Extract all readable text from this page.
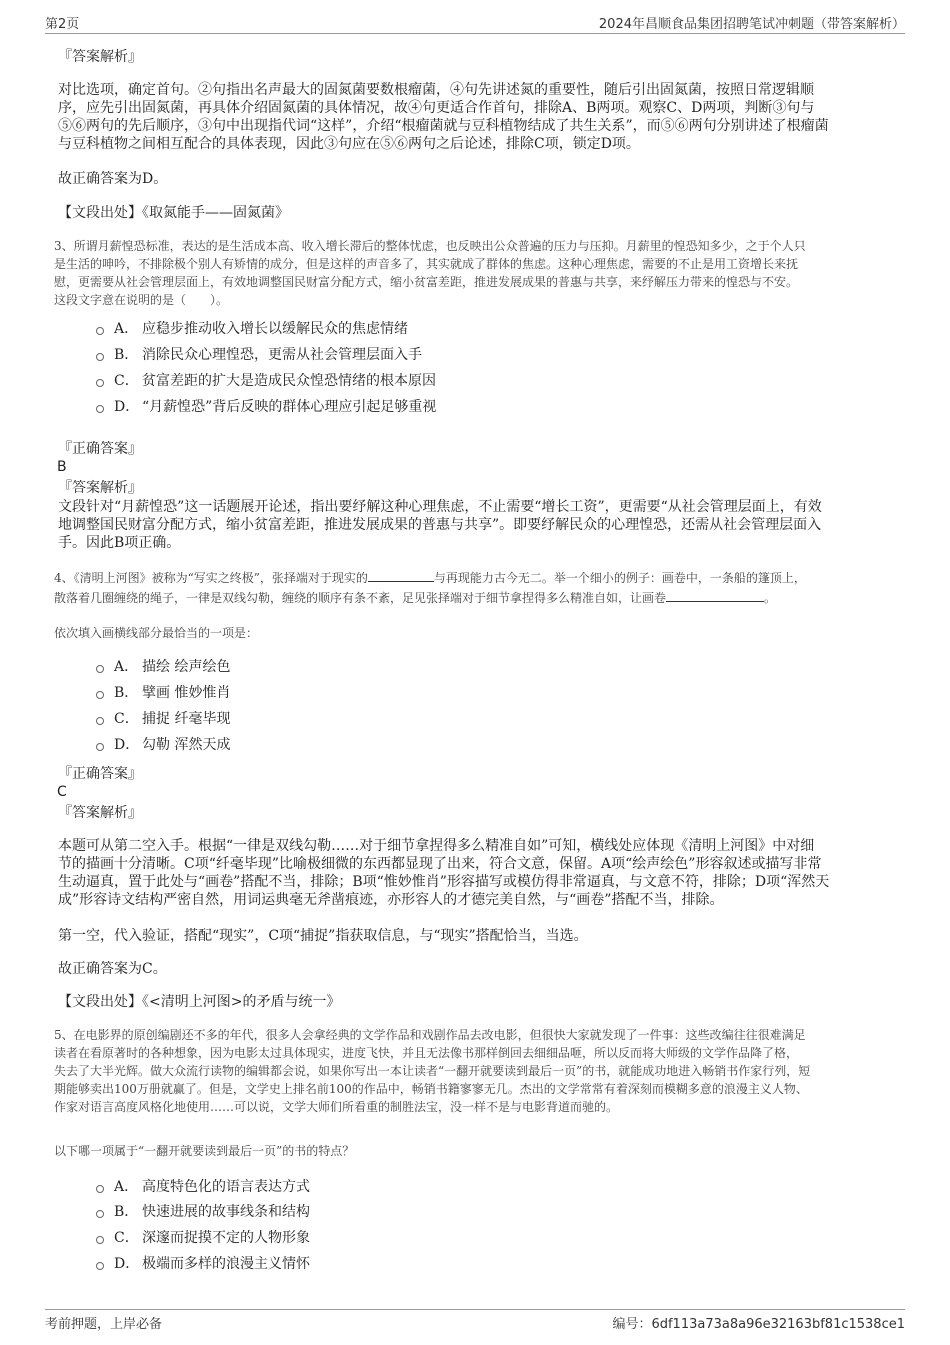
第2页	2024年昌顺食品集团招聘笔试冲刺题（带答案解析）
『答案解析』
对比选项，确定首句。②句指出名声最大的固氮菌要数根瘤菌，④句先讲述氮的重要性，随后引出固氮菌，按照日常逻辑顺
序，应先引出固氮菌，再具体介绍固氮菌的具体情况，故④句更适合作首句，排除A、B两项。观察C、D两项，判断③句与
⑤⑥两句的先后顺序，③句中出现指代词“这样”，介绍“根瘤菌就与豆科植物结成了共生关系”，而⑤⑥两句分别讲述了根瘤菌
与豆科植物之间相互配合的具体表现，因此③句应在⑤⑥两句之后论述，排除C项，锁定D项。
故正确答案为D。
【文段出处】《取氮能手——固氮菌》
3、所谓月薪惶恐标准，表达的是生活成本高、收入增长滞后的整体忧虑，也反映出公众普遍的压力与压抑。月薪里的惶恐知多少，之于个人只
是生活的呻吟，不排除极个别人有矫情的成分，但是这样的声音多了，其实就成了群体的焦虑。这种心理焦虑，需要的不止是用工资增长来抚
慰，更需要从社会管理层面上，有效地调整国民财富分配方式，缩小贫富差距，推进发展成果的普惠与共享，来纾解压力带来的惶恐与不安。
这段文字意在说明的是（　　）。
A． 应稳步推动收入增长以缓解民众的焦虑情绪
B． 消除民众心理惶恐，更需从社会管理层面入手
C． 贫富差距的扩大是造成民众惶恐情绪的根本原因
D． “月薪惶恐”背后反映的群体心理应引起足够重视
『正确答案』
B
『答案解析』
文段针对“月薪惶恐”这一话题展开论述，指出要纾解这种心理焦虑，不止需要“增长工资”，更需要“从社会管理层面上，有效
地调整国民财富分配方式，缩小贫富差距，推进发展成果的普惠与共享”。即要纾解民众的心理惶恐，还需从社会管理层面入
手。因此B项正确。
4、《清明上河图》被称为“写实之终极”，张择端对于现实的	与再现能力古今无二。举一个细小的例子：画卷中，一条船的篷顶上，
散落着几圈缠绕的绳子，一律是双线勾勒，缠绕的顺序有条不紊，足见张择端对于细节拿捏得多么精准自如，让画卷	。
依次填入画横线部分最恰当的一项是：
A． 描绘 绘声绘色
B． 擘画 惟妙惟肖
C． 捕捉 纤毫毕现
D． 勾勒 浑然天成
『正确答案』
C
『答案解析』
本题可从第二空入手。根据“一律是双线勾勒……对于细节拿捏得多么精准自如”可知，横线处应体现《清明上河图》中对细
节的描画十分清晰。C项“纤毫毕现”比喻极细微的东西都显现了出来，符合文意，保留。A项“绘声绘色”形容叙述或描写非常
生动逼真，置于此处与“画卷”搭配不当，排除；B项“惟妙惟肖”形容描写或模仿得非常逼真，与文意不符，排除；D项“浑然天
成”形容诗文结构严密自然，用词运典毫无斧凿痕迹，亦形容人的才德完美自然，与“画卷”搭配不当，排除。
第一空，代入验证，搭配“现实”，C项“捕捉”指获取信息，与“现实”搭配恰当，当选。
故正确答案为C。
【文段出处】《<清明上河图>的矛盾与统一》
5、在电影界的原创编剧还不多的年代，很多人会拿经典的文学作品和戏剧作品去改电影，但很快大家就发现了一件事：这些改编往往很难满足
读者在看原著时的各种想象，因为电影太过具体现实，进度飞快，并且无法像书那样倒回去细细品咂，所以反而将大师级的文学作品降了格，
失去了大半光辉。做大众流行读物的编辑都会说，如果你写出一本让读者“一翻开就要读到最后一页”的书，就能成功地进入畅销书作家行列，短
期能够卖出100万册就赢了。但是，文学史上排名前100的作品中，畅销书籍寥寥无几。杰出的文学常常有着深刻而模糊多意的浪漫主义人物、
作家对语言高度风格化地使用……可以说，文学大师们所看重的制胜法宝，没一样不是与电影背道而驰的。
以下哪一项属于“一翻开就要读到最后一页”的书的特点？
A． 高度特色化的语言表达方式
B． 快速进展的故事线条和结构
C． 深邃而捉摸不定的人物形象
D． 极端而多样的浪漫主义情怀
考前押题，上岸必备	编号：6df113a73a8a96e32163bf81c1538ce1
